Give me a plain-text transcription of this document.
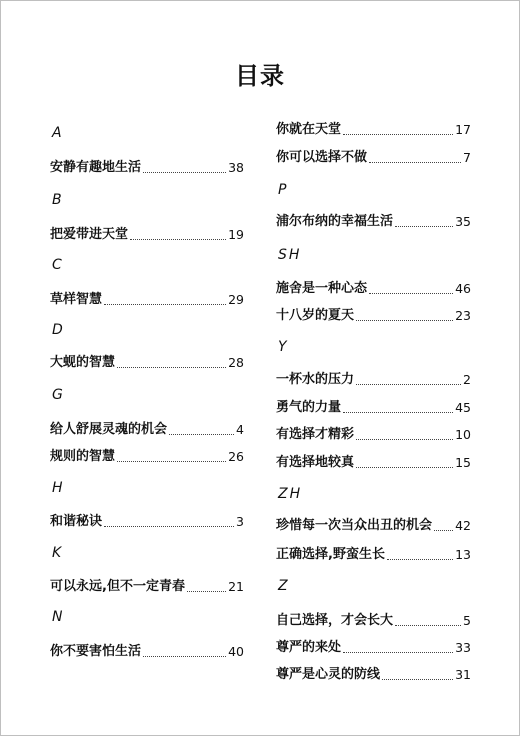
目录
A
安静有趣地生活	38
B
把爱带进天堂	19
C
草样智慧	29
D
大蚬的智慧	28
G
给人舒展灵魂的机会	4
规则的智慧	26
H
和谐秘诀	3
K
可以永远,但不一定青春	21
N
你不要害怕生活	40
你就在天堂	17
你可以选择不做	7
P
浦尔布纳的幸福生活	35
SH
施舍是一种心态	46
十八岁的夏天	23
Y
一杯水的压力	2
勇气的力量	45
有选择才精彩	10
有选择地较真	15
ZH
珍惜每一次当众出丑的机会 42
正确选择,野蛮生长	13
Z
自己选择，才会长大	5
尊严的来处	33
尊严是心灵的防线	31
